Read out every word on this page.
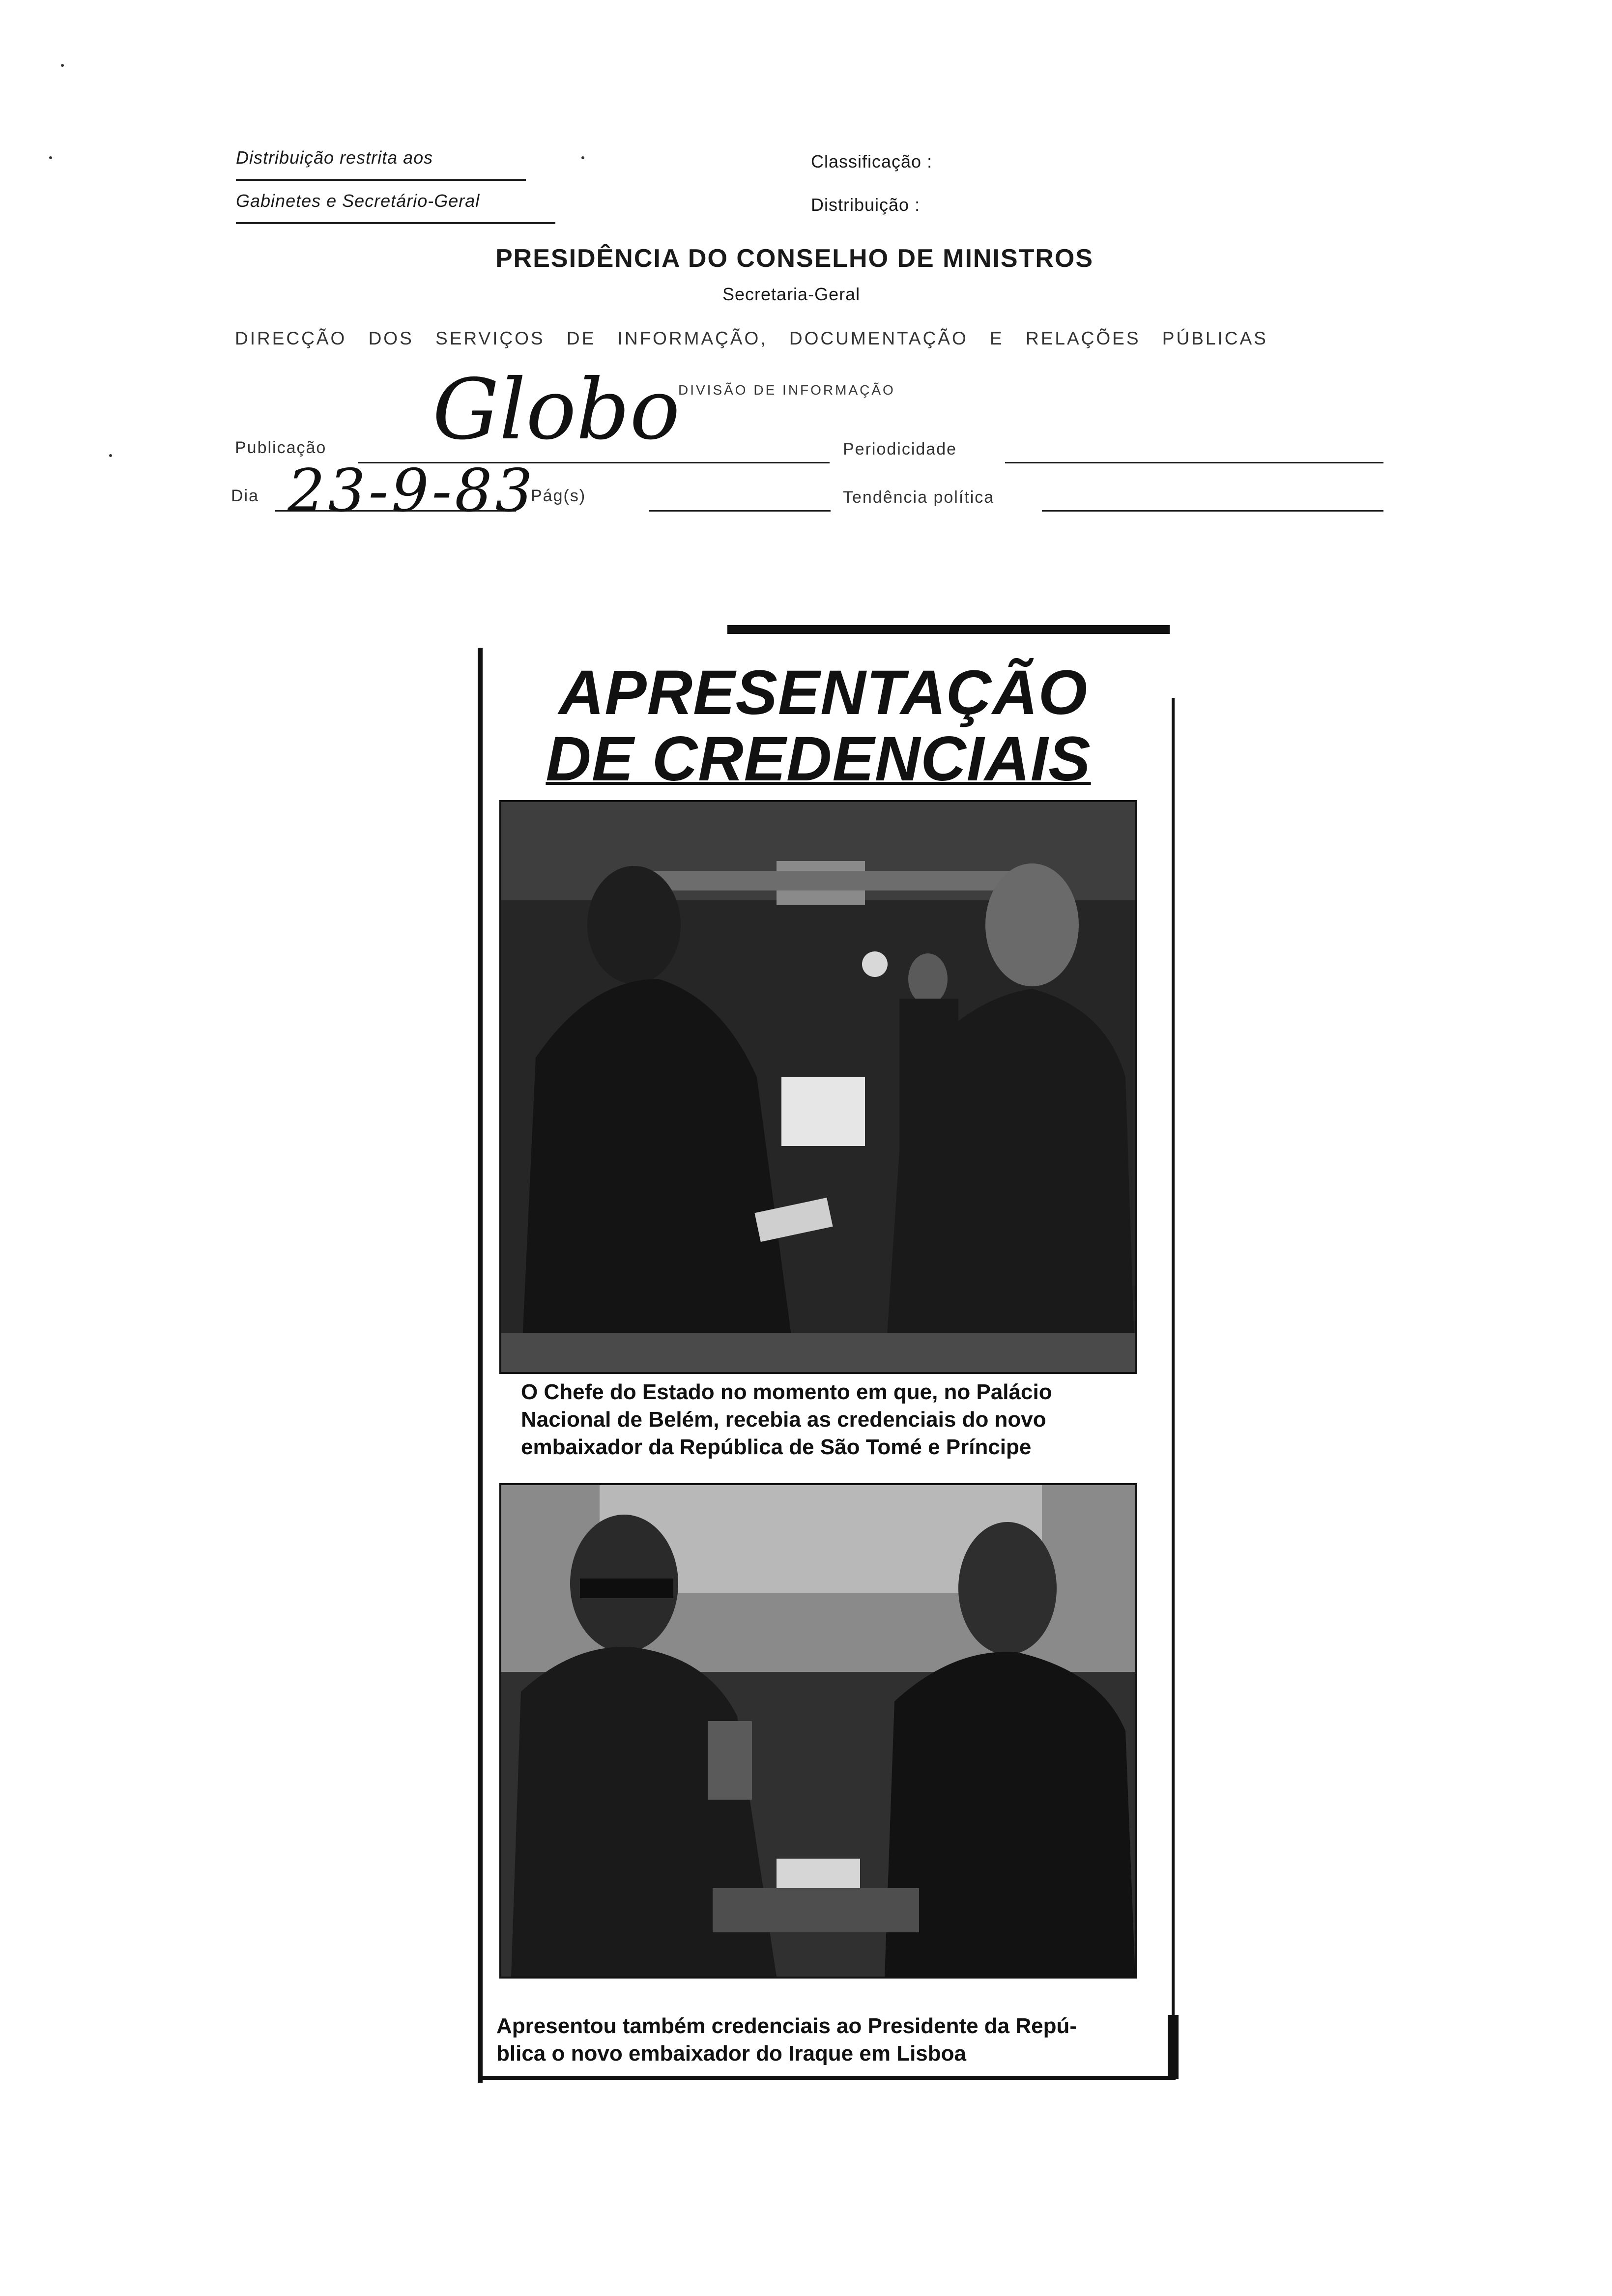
Distribuição restrita aos
Gabinetes e Secretário-Geral
Classificação :
Distribuição :
PRESIDÊNCIA DO CONSELHO DE MINISTROS
Secretaria-Geral
DIRECÇÃO DOS SERVIÇOS DE INFORMAÇÃO, DOCUMENTAÇÃO E RELAÇÕES PÚBLICAS
DIVISÃO DE INFORMAÇÃO
Publicação Globo
Dia 23-9-83
Pág(s)
Periodicidade
Tendência política
APRESENTAÇÃO
DE CREDENCIAIS
O Chefe do Estado no momento em que, no Palácio
Nacional de Belém, recebia as credenciais do novo
embaixador da República de São Tomé e Príncipe
Apresentou também credenciais ao Presidente da Repú-
blica o novo embaixador do Iraque em Lisboa
